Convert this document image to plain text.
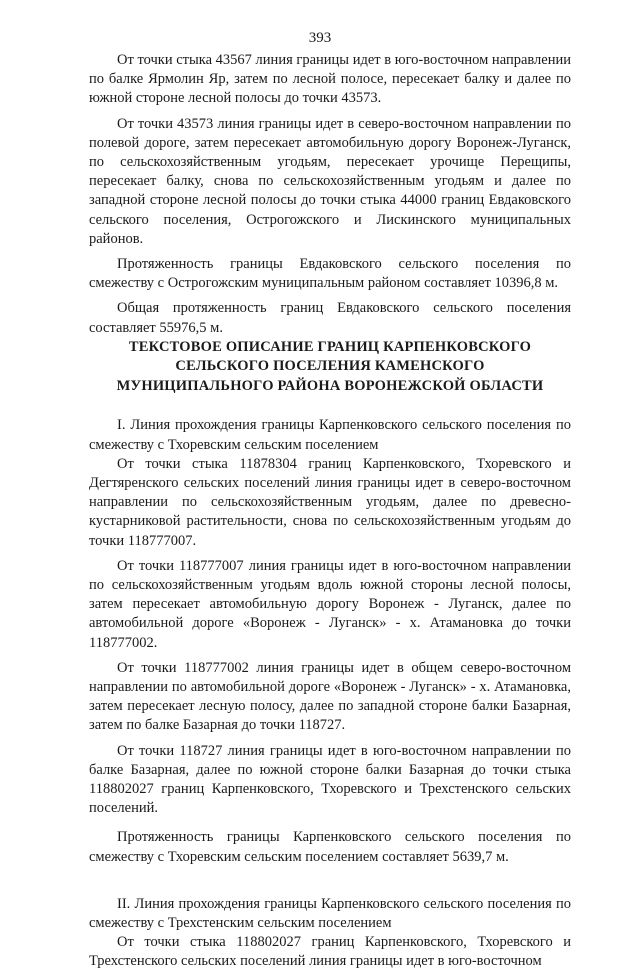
393

От точки стыка 43567 линия границы идет в юго-восточном направлении по балке Ярмолин Яр, затем по лесной полосе, пересекает балку и далее по южной стороне лесной полосы до точки 43573.

От точки 43573 линия границы идет в северо-восточном направлении по полевой дороге, затем пересекает автомобильную дорогу Воронеж-Луганск, по сельскохозяйственным угодьям, пересекает урочище Перещипы, пересекает балку, снова по сельскохозяйственным угодьям и далее по западной стороне лесной полосы до точки стыка 44000 границ Евдаковского сельского поселения, Острогожского и Лискинского муниципальных районов.

Протяженность границы Евдаковского сельского поселения по смежеству с Острогожским муниципальным районом составляет 10396,8 м.

Общая протяженность границ Евдаковского сельского поселения составляет 55976,5 м.

ТЕКСТОВОЕ ОПИСАНИЕ ГРАНИЦ КАРПЕНКОВСКОГО
СЕЛЬСКОГО ПОСЕЛЕНИЯ КАМЕНСКОГО
МУНИЦИПАЛЬНОГО РАЙОНА ВОРОНЕЖСКОЙ ОБЛАСТИ

I. Линия прохождения границы Карпенковского сельского поселения по смежеству с Тхоревским сельским поселением

От точки стыка 11878304 границ Карпенковского, Тхоревского и Дегтяренского сельских поселений линия границы идет в северо-восточном направлении по сельскохозяйственным угодьям, далее по древесно-кустарниковой растительности, снова по сельскохозяйственным угодьям до точки 118777007.

От точки 118777007 линия границы идет в юго-восточном направлении по сельскохозяйственным угодьям вдоль южной стороны лесной полосы, затем пересекает автомобильную дорогу Воронеж - Луганск, далее по автомобильной дороге «Воронеж - Луганск» - х. Атамановка до точки 118777002.

От точки 118777002 линия границы идет в общем северо-восточном направлении по автомобильной дороге «Воронеж - Луганск» - х. Атамановка, затем пересекает лесную полосу, далее по западной стороне балки Базарная, затем по балке Базарная до точки 118727.

От точки 118727 линия границы идет в юго-восточном направлении по балке Базарная, далее по южной стороне балки Базарная до точки стыка 118802027 границ Карпенковского, Тхоревского и Трехстенского сельских поселений.

Протяженность границы Карпенковского сельского поселения по смежеству с Тхоревским сельским поселением составляет 5639,7 м.

II. Линия прохождения границы Карпенковского сельского поселения по смежеству с Трехстенским сельским поселением

От точки стыка 118802027 границ Карпенковского, Тхоревского и Трехстенского сельских поселений линия границы идет в юго-восточном
